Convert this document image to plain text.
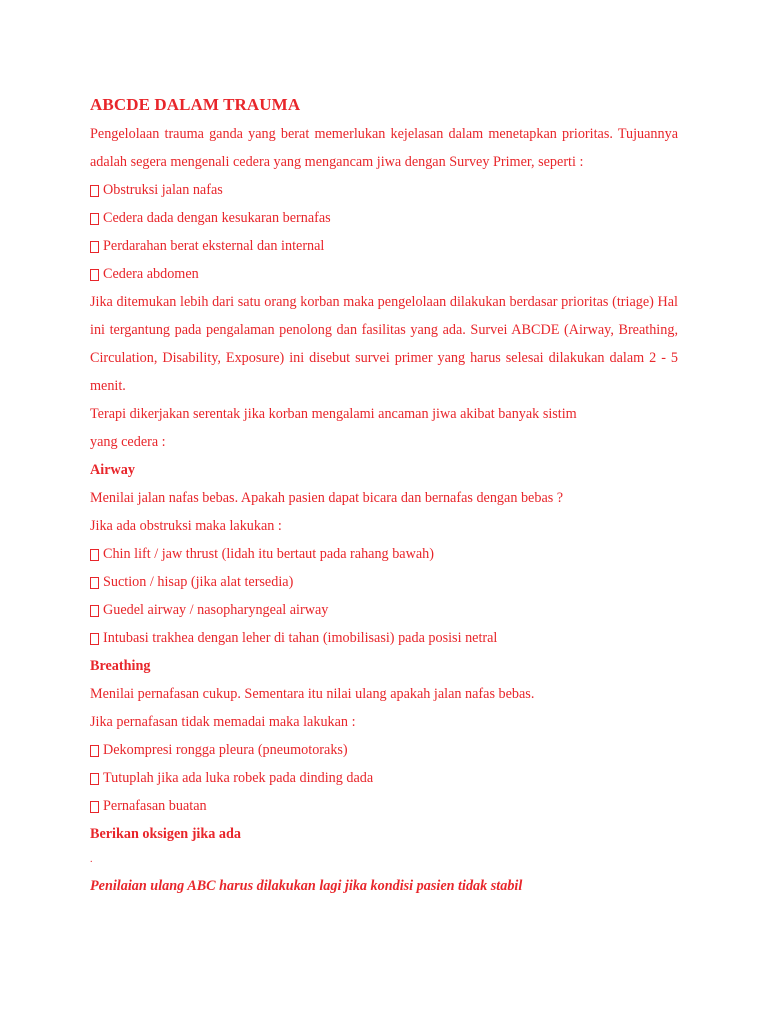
ABCDE DALAM TRAUMA

Pengelolaan trauma ganda yang berat memerlukan kejelasan dalam menetapkan prioritas. Tujuannya adalah segera mengenali cedera yang mengancam jiwa dengan Survey Primer, seperti :

Obstruksi jalan nafas
Cedera dada dengan kesukaran bernafas
Perdarahan berat eksternal dan internal
Cedera abdomen

Jika ditemukan lebih dari satu orang korban maka pengelolaan dilakukan berdasar prioritas (triage) Hal ini tergantung pada pengalaman penolong dan fasilitas yang ada. Survei ABCDE (Airway, Breathing, Circulation, Disability, Exposure) ini disebut survei primer yang harus selesai dilakukan dalam 2 - 5 menit.

Terapi dikerjakan serentak jika korban mengalami ancaman jiwa akibat banyak sistim

yang cedera :

Airway

Menilai jalan nafas bebas. Apakah pasien dapat bicara dan bernafas dengan bebas ?

Jika ada obstruksi maka lakukan :

Chin lift / jaw thrust (lidah itu bertaut pada rahang bawah)
Suction / hisap (jika alat tersedia)
Guedel airway / nasopharyngeal airway
Intubasi trakhea dengan leher di tahan (imobilisasi) pada posisi netral

Breathing

Menilai pernafasan cukup. Sementara itu nilai ulang apakah jalan nafas bebas.

Jika pernafasan tidak memadai maka lakukan :

Dekompresi rongga pleura (pneumotoraks)
Tutuplah jika ada luka robek pada dinding dada
Pernafasan buatan

Berikan oksigen jika ada

.

Penilaian ulang ABC harus dilakukan lagi jika kondisi pasien tidak stabil
